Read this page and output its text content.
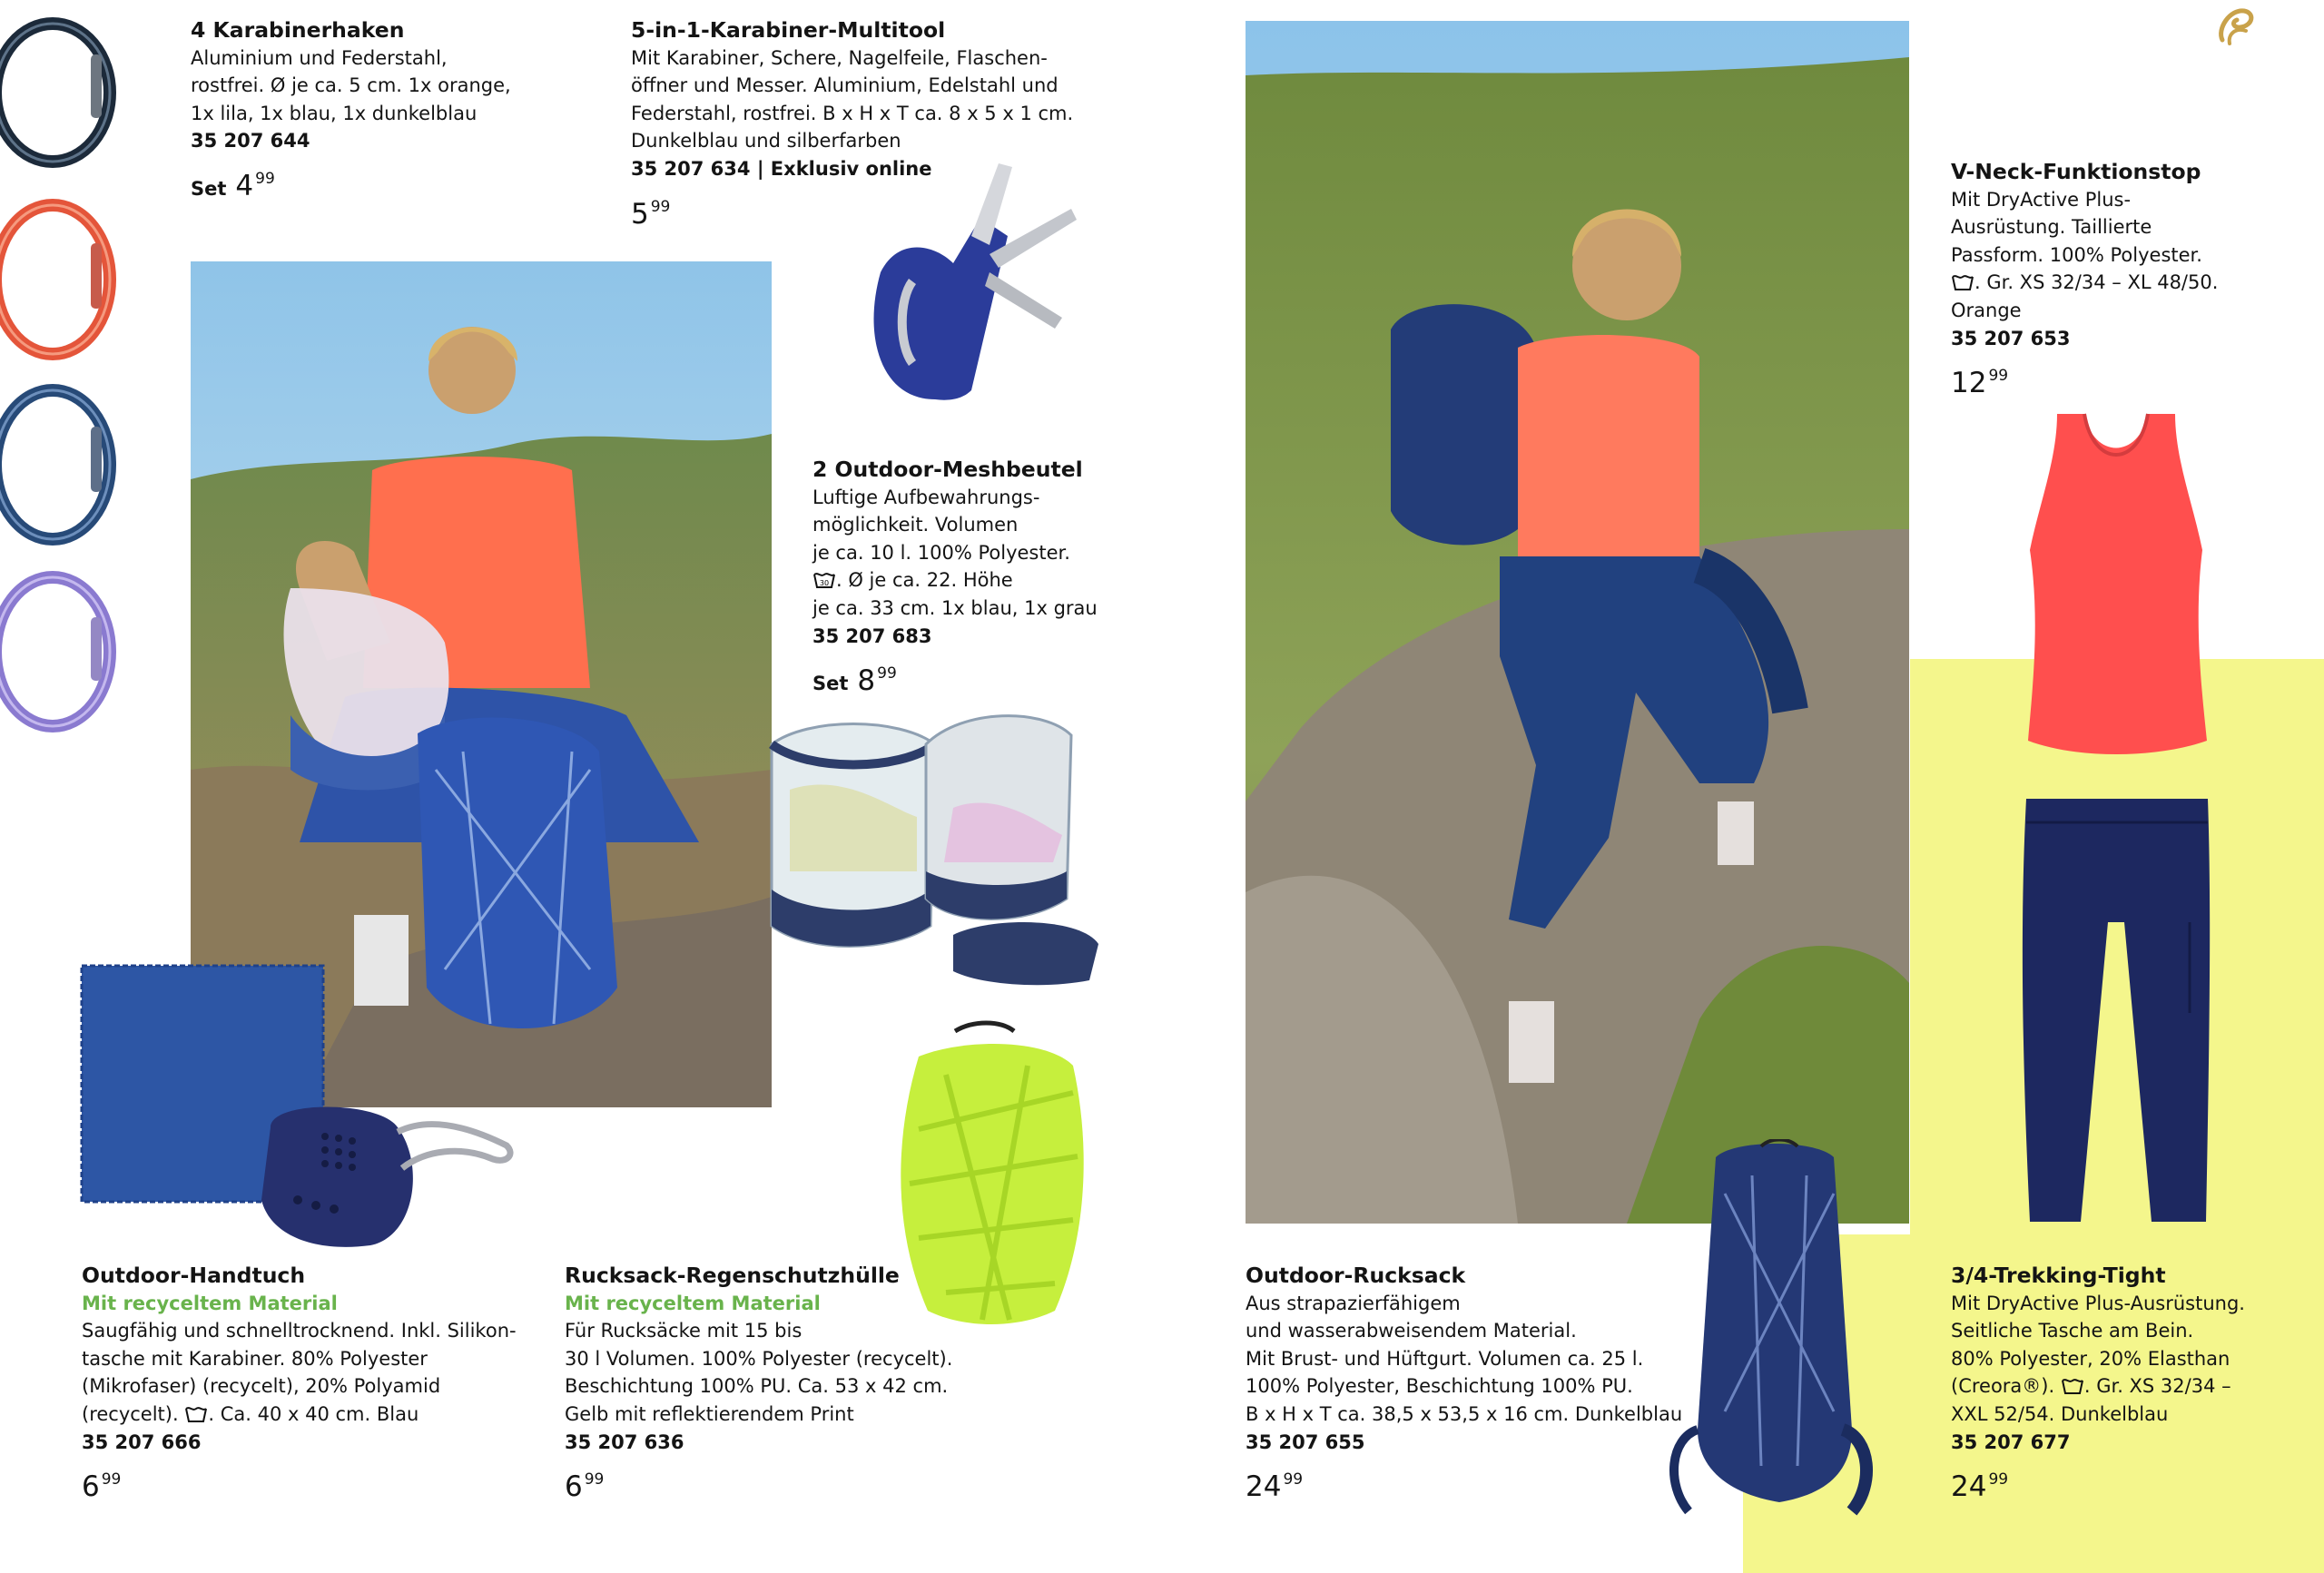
4 Karabinerhaken
Aluminium und Federstahl,
rostfrei. Ø je ca. 5 cm. 1x orange,
1x lila, 1x blau, 1x dunkelblau
35 207 644
Set 4 $^{99}$
5-in-1-Karabiner-Multitool
Mit Karabiner, Schere, Nagelfeile, Flaschen-
öffner und Messer. Aluminium, Edelstahl und
Federstahl, rostfrei. B x H x T ca. 8 x 5 x 1 cm.
Dunkelblau und silberfarben
35 207 634 | Exklusiv online
5 $^{99}$
2 Outdoor-Meshbeutel
Luftige Aufbewahrungs-
möglichkeit. Volumen
je ca. 10 l. 100% Polyester.
30 . Ø je ca. 22. Höhe
je ca. 33 cm. 1x blau, 1x grau
35 207 683
Set 8 $^{99}$
Outdoor-Handtuch
Mit recyceltem Material
Saugfähig und schnelltrocknend. Inkl. Silikon-
tasche mit Karabiner. 80% Polyester
(Mikrofaser) (recycelt), 20% Polyamid
(recycelt). . Ca. 40 x 40 cm. Blau
35 207 666
6 $^{99}$
Rucksack-Regenschutzhülle
Mit recyceltem Material
Für Rucksäcke mit 15 bis
30 l Volumen. 100% Polyester (recycelt).
Beschichtung 100% PU. Ca. 53 x 42 cm.
Gelb mit reflektierendem Print
35 207 636
6 $^{99}$
Outdoor-Rucksack
Aus strapazierfähigem
und wasserabweisendem Material.
Mit Brust- und Hüftgurt. Volumen ca. 25 l.
100% Polyester, Beschichtung 100% PU.
B x H x T ca. 38,5 x 53,5 x 16 cm. Dunkelblau
35 207 655
24 $^{99}$
V-Neck-Funktionstop
Mit DryActive Plus-
Ausrüstung. Taillierte
Passform. 100% Polyester.
. Gr. XS 32/34 – XL 48/50.
Orange
35 207 653
12 $^{99}$
3/4-Trekking-Tight
Mit DryActive Plus-Ausrüstung.
Seitliche Tasche am Bein.
80% Polyester, 20% Elasthan
(Creora®). . Gr. XS 32/34 –
XXL 52/54. Dunkelblau
35 207 677
24 $^{99}$
